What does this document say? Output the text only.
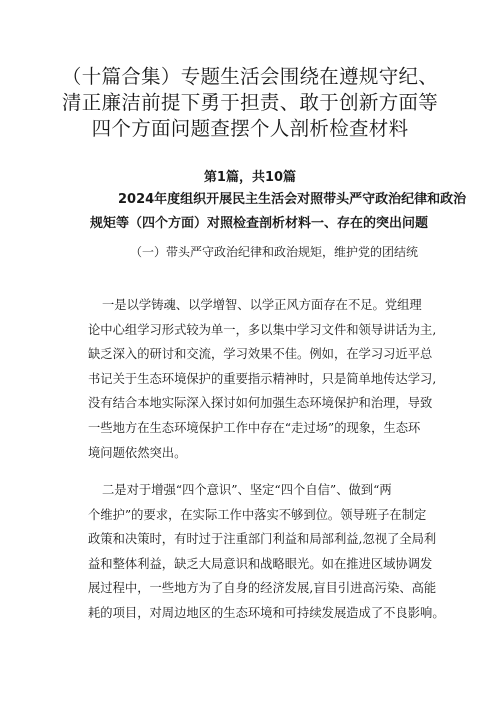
（十篇合集）专题生活会围绕在遵规守纪、
清正廉洁前提下勇于担责、敢于创新方面等
四个方面问题查摆个人剖析检查材料
第1篇，共10篇
2024年度组织开展民主生活会对照带头严守政治纪律和政治
规矩等（四个方面）对照检查剖析材料一、存在的突出问题
（一）带头严守政治纪律和政治规矩，维护党的团结统
一是以学铸魂、以学增智、以学正风方面存在不足。党组理
论中心组学习形式较为单一，多以集中学习文件和领导讲话为主,
缺乏深入的研讨和交流，学习效果不佳。例如，在学习习近平总
书记关于生态环境保护的重要指示精神时，只是简单地传达学习,
没有结合本地实际深入探讨如何加强生态环境保护和治理，导致
一些地方在生态环境保护工作中存在“走过场”的现象，生态环
境问题依然突出。
二是对于增强“四个意识”、坚定“四个自信”、做到“两
个维护”的要求，在实际工作中落实不够到位。领导班子在制定
政策和决策时，有时过于注重部门利益和局部利益,忽视了全局利
益和整体利益，缺乏大局意识和战略眼光。如在推进区域协调发
展过程中，一些地方为了自身的经济发展,盲目引进高污染、高能
耗的项目，对周边地区的生态环境和可持续发展造成了不良影响。
